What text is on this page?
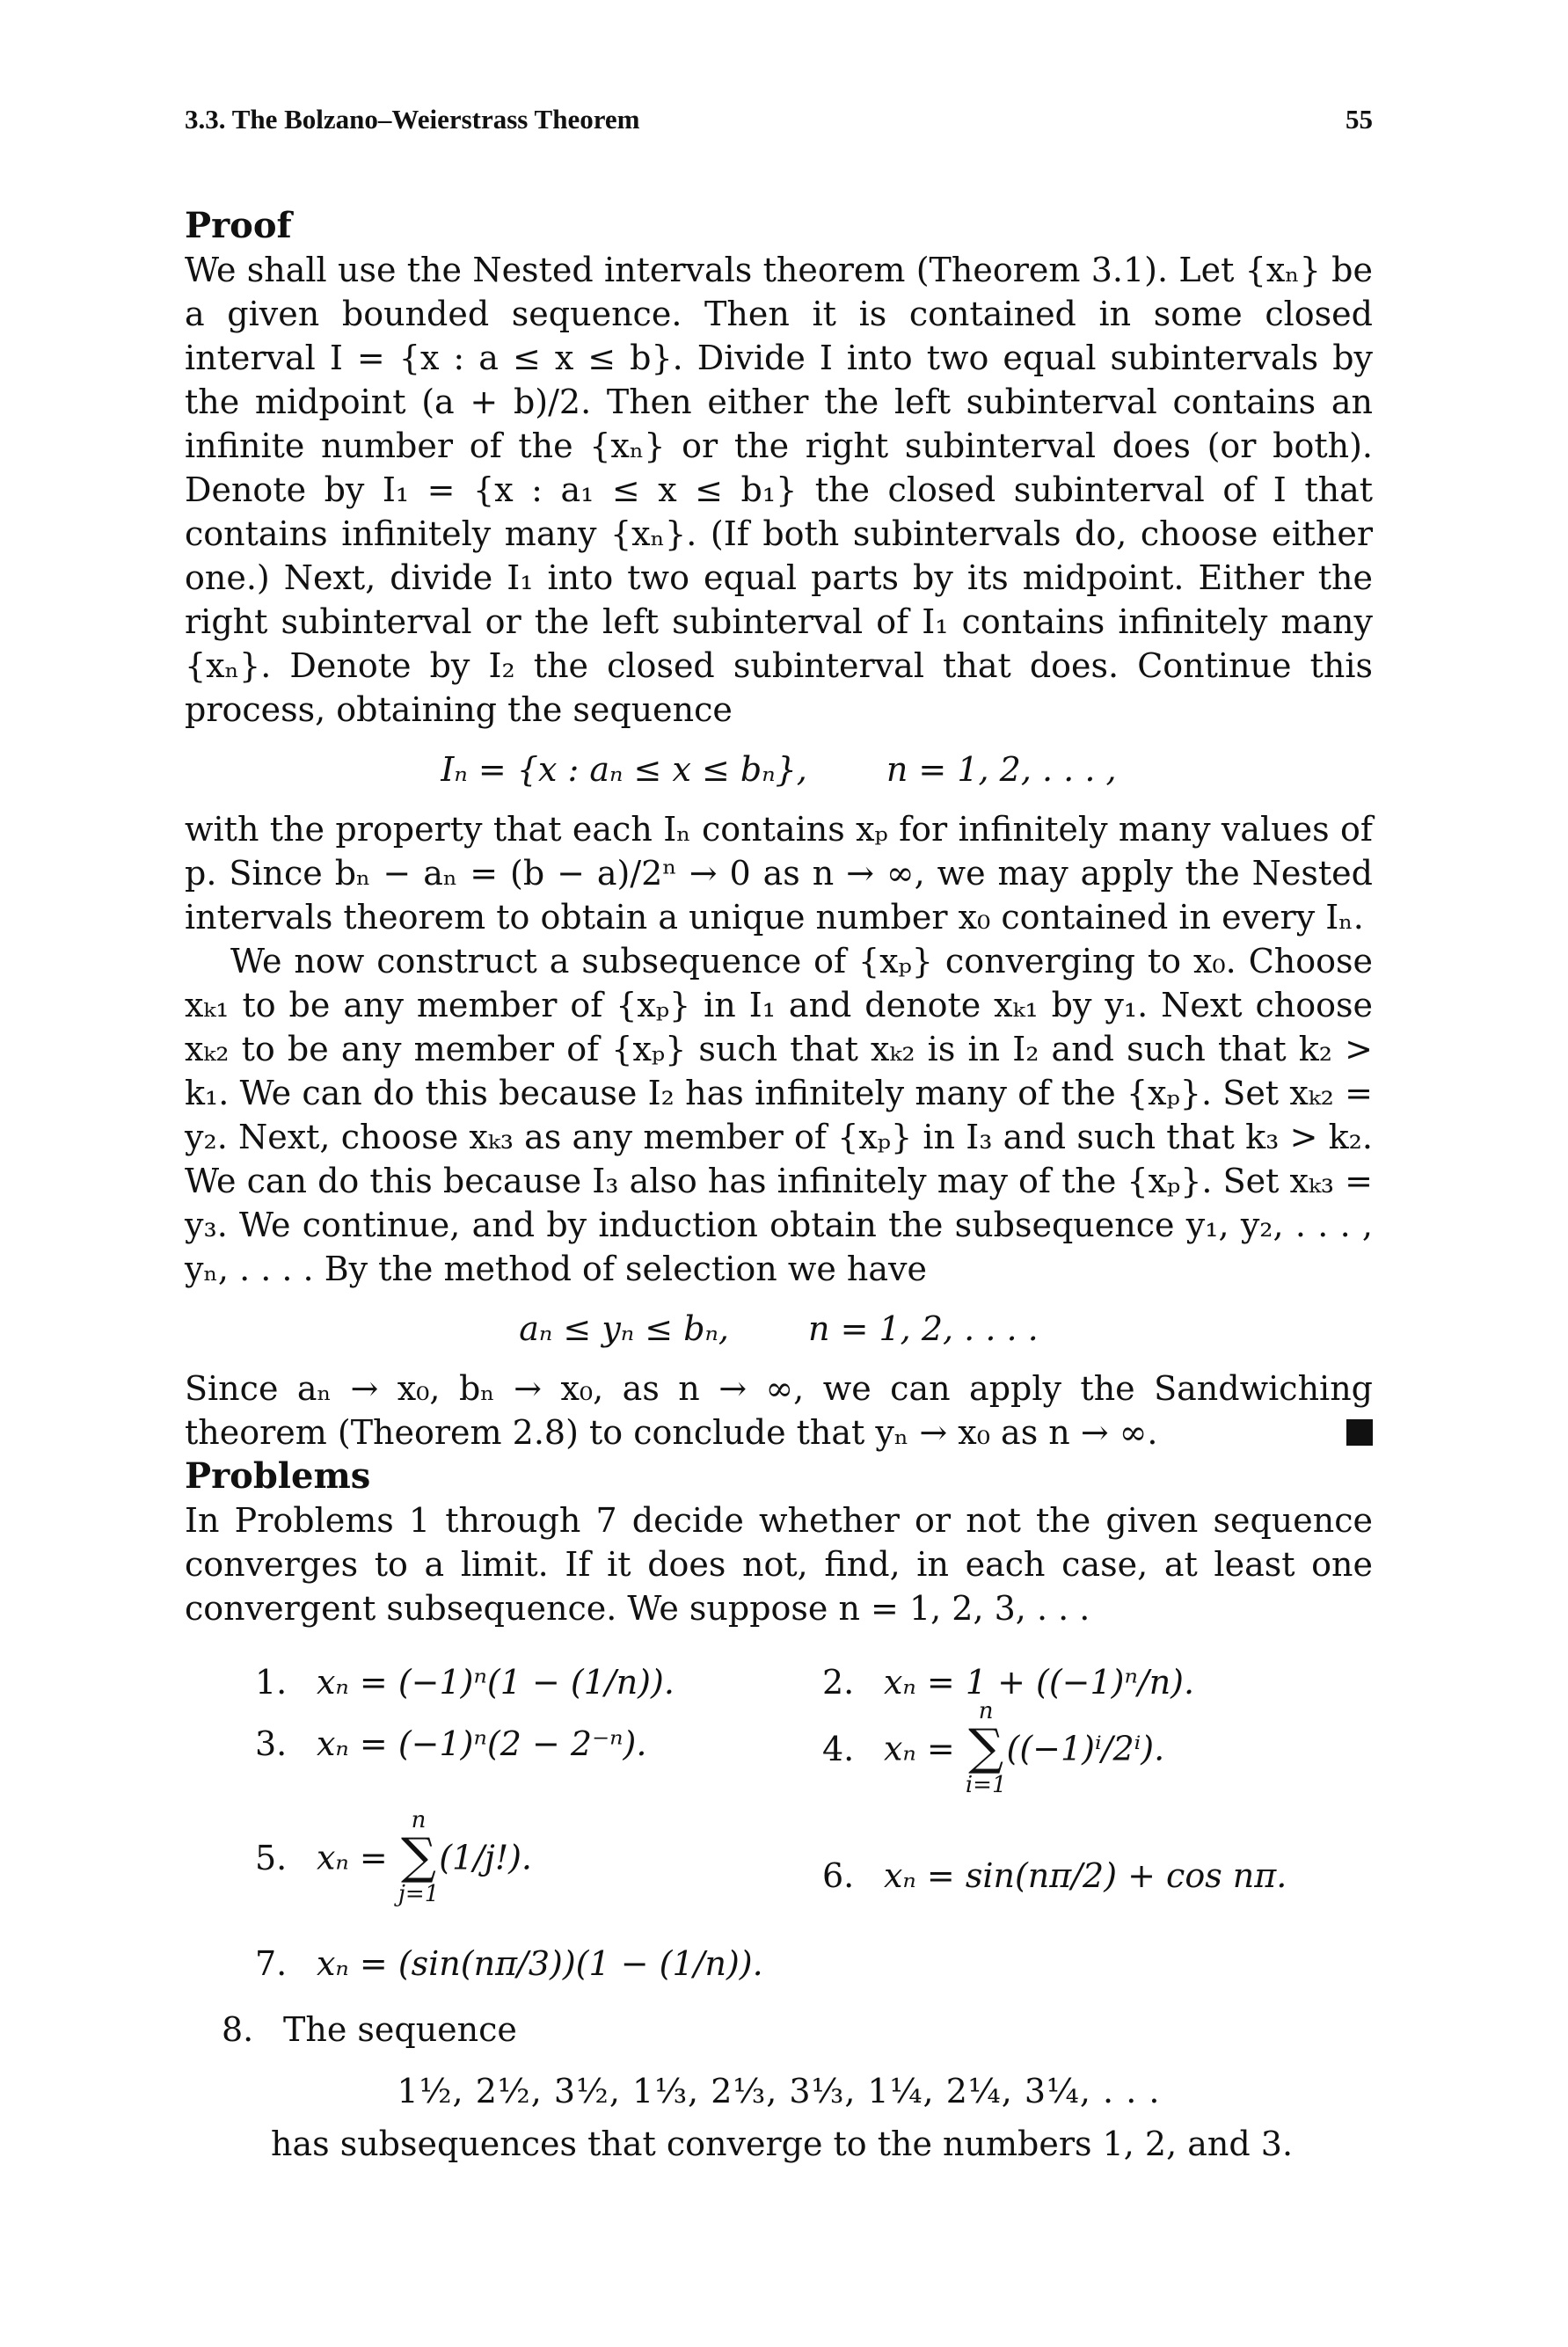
3.3. The Bolzano–Weierstrass Theorem	55

Proof

We shall use the Nested intervals theorem (Theorem 3.1). Let {xₙ} be a given bounded sequence. Then it is contained in some closed interval I = {x : a ≤ x ≤ b}. Divide I into two equal subintervals by the midpoint (a + b)/2. Then either the left subinterval contains an infinite number of the {xₙ} or the right subinterval does (or both). Denote by I₁ = {x : a₁ ≤ x ≤ b₁} the closed subinterval of I that contains infinitely many {xₙ}. (If both subintervals do, choose either one.) Next, divide I₁ into two equal parts by its midpoint. Either the right subinterval or the left subinterval of I₁ contains infinitely many {xₙ}. Denote by I₂ the closed subinterval that does. Continue this process, obtaining the sequence

Iₙ = {x : aₙ ≤ x ≤ bₙ}, n = 1, 2, . . . ,

with the property that each Iₙ contains xₚ for infinitely many values of p. Since bₙ − aₙ = (b − a)/2ⁿ → 0 as n → ∞, we may apply the Nested intervals theorem to obtain a unique number x₀ contained in every Iₙ.

We now construct a subsequence of {xₚ} converging to x₀. Choose xₖ₁ to be any member of {xₚ} in I₁ and denote xₖ₁ by y₁. Next choose xₖ₂ to be any member of {xₚ} such that xₖ₂ is in I₂ and such that k₂ > k₁. We can do this because I₂ has infinitely many of the {xₚ}. Set xₖ₂ = y₂. Next, choose xₖ₃ as any member of {xₚ} in I₃ and such that k₃ > k₂. We can do this because I₃ also has infinitely may of the {xₚ}. Set xₖ₃ = y₃. We continue, and by induction obtain the subsequence y₁, y₂, . . . , yₙ, . . . . By the method of selection we have

aₙ ≤ yₙ ≤ bₙ, n = 1, 2, . . . .

Since aₙ → x₀, bₙ → x₀, as n → ∞, we can apply the Sandwiching theorem (Theorem 2.8) to conclude that yₙ → x₀ as n → ∞.

Problems

In Problems 1 through 7 decide whether or not the given sequence converges to a limit. If it does not, find, in each case, at least one convergent subsequence. We suppose n = 1, 2, 3, . . .

1. xₙ = (−1)ⁿ(1 − (1/n)).	2. xₙ = 1 + ((−1)ⁿ/n).
3. xₙ = (−1)ⁿ(2 − 2⁻ⁿ).	4. xₙ =
n
∑
i=1
((−1)ⁱ/2ⁱ).
5. xₙ =
n
∑
j=1
(1/j!).	6. xₙ = sin(nπ/2) + cos nπ.
7. xₙ = (sin(nπ/3))(1 − (1/n)).
8. The sequence
1½, 2½, 3½, 1⅓, 2⅓, 3⅓, 1¼, 2¼, 3¼, . . .
has subsequences that converge to the numbers 1, 2, and 3.
